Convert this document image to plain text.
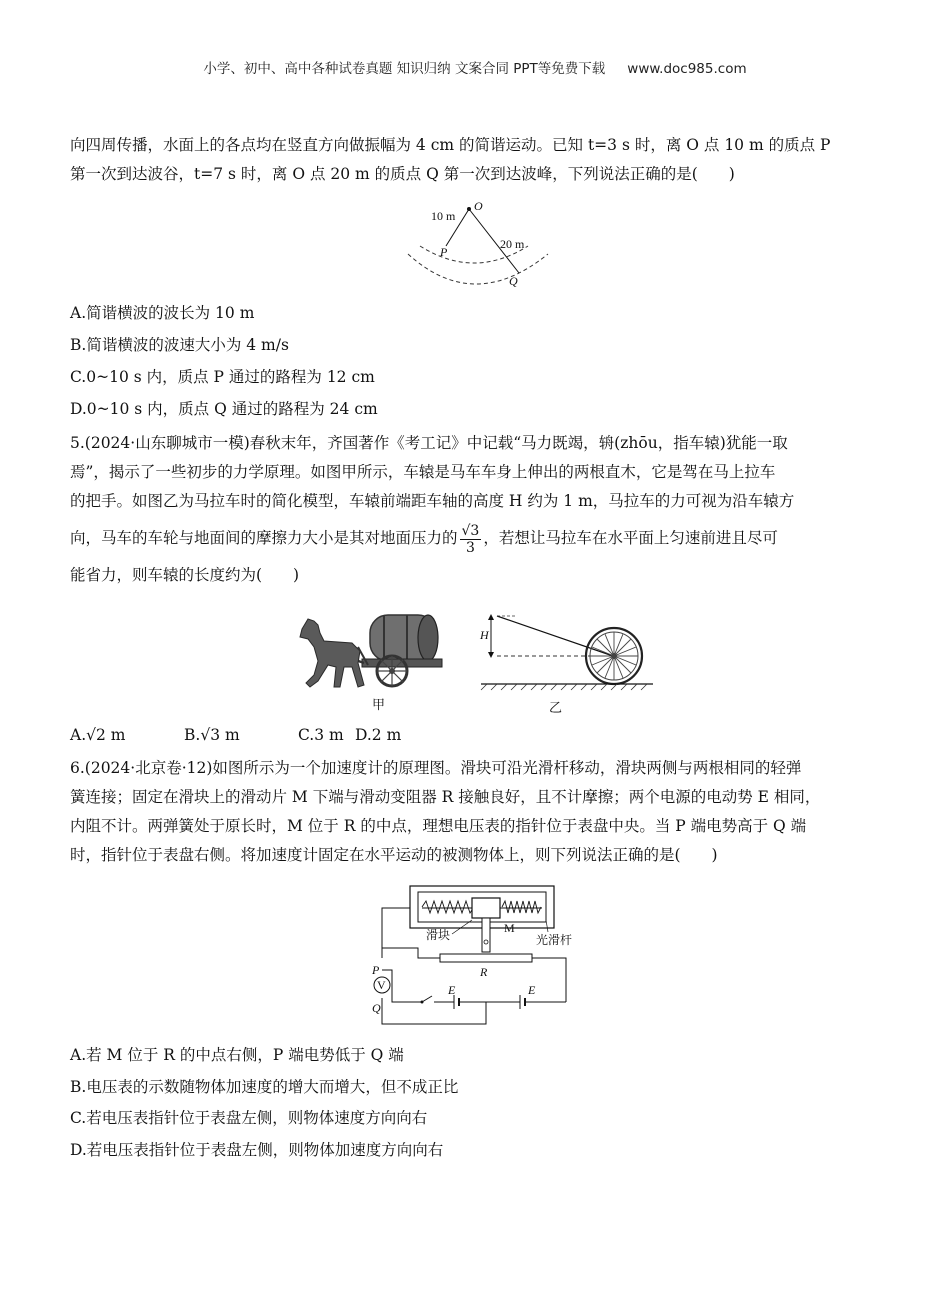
小学、初中、高中各种试卷真题 知识归纳 文案合同 PPT等免费下载 www.doc985.com
向四周传播，水面上的各点均在竖直方向做振幅为 4 cm 的简谐运动。已知 t=3 s 时，离 O 点 10 m 的质点 P
第一次到达波谷，t=7 s 时，离 O 点 20 m 的质点 Q 第一次到达波峰，下列说法正确的是(　　)
O
10 m
20 m
P
Q
A.简谐横波的波长为 10 m
B.简谐横波的波速大小为 4 m/s
C.0~10 s 内，质点 P 通过的路程为 12 cm
D.0~10 s 内，质点 Q 通过的路程为 24 cm
5.(2024·山东聊城市一模)春秋末年，齐国著作《考工记》中记载“马力既竭，辀(zhōu，指车辕)犹能一取
焉”，揭示了一些初步的力学原理。如图甲所示，车辕是马车车身上伸出的两根直木，它是驾在马上拉车
的把手。如图乙为马拉车时的简化模型，车辕前端距车轴的高度 H 约为 1 m，马拉车的力可视为沿车辕方
向，马车的车轮与地面间的摩擦力大小是其对地面压力的 $\frac{√3}{3}$ ，若想让马拉车在水平面上匀速前进且尽可
能省力，则车辕的长度约为(　　)
甲
H
乙
A.√2 m	B.√3 m	C.3 m D.2 m
6.(2024·北京卷·12)如图所示为一个加速度计的原理图。滑块可沿光滑杆移动，滑块两侧与两根相同的轻弹
簧连接；固定在滑块上的滑动片 M 下端与滑动变阻器 R 接触良好，且不计摩擦；两个电源的电动势 E 相同，
内阻不计。两弹簧处于原长时，M 位于 R 的中点，理想电压表的指针位于表盘中央。当 P 端电势高于 Q 端
时，指针位于表盘右侧。将加速度计固定在水平运动的被测物体上，则下列说法正确的是(　　)
滑块	M
光滑杆
R
V
P
Q
E	E
A.若 M 位于 R 的中点右侧，P 端电势低于 Q 端
B.电压表的示数随物体加速度的增大而增大，但不成正比
C.若电压表指针位于表盘左侧，则物体速度方向向右
D.若电压表指针位于表盘左侧，则物体加速度方向向右
